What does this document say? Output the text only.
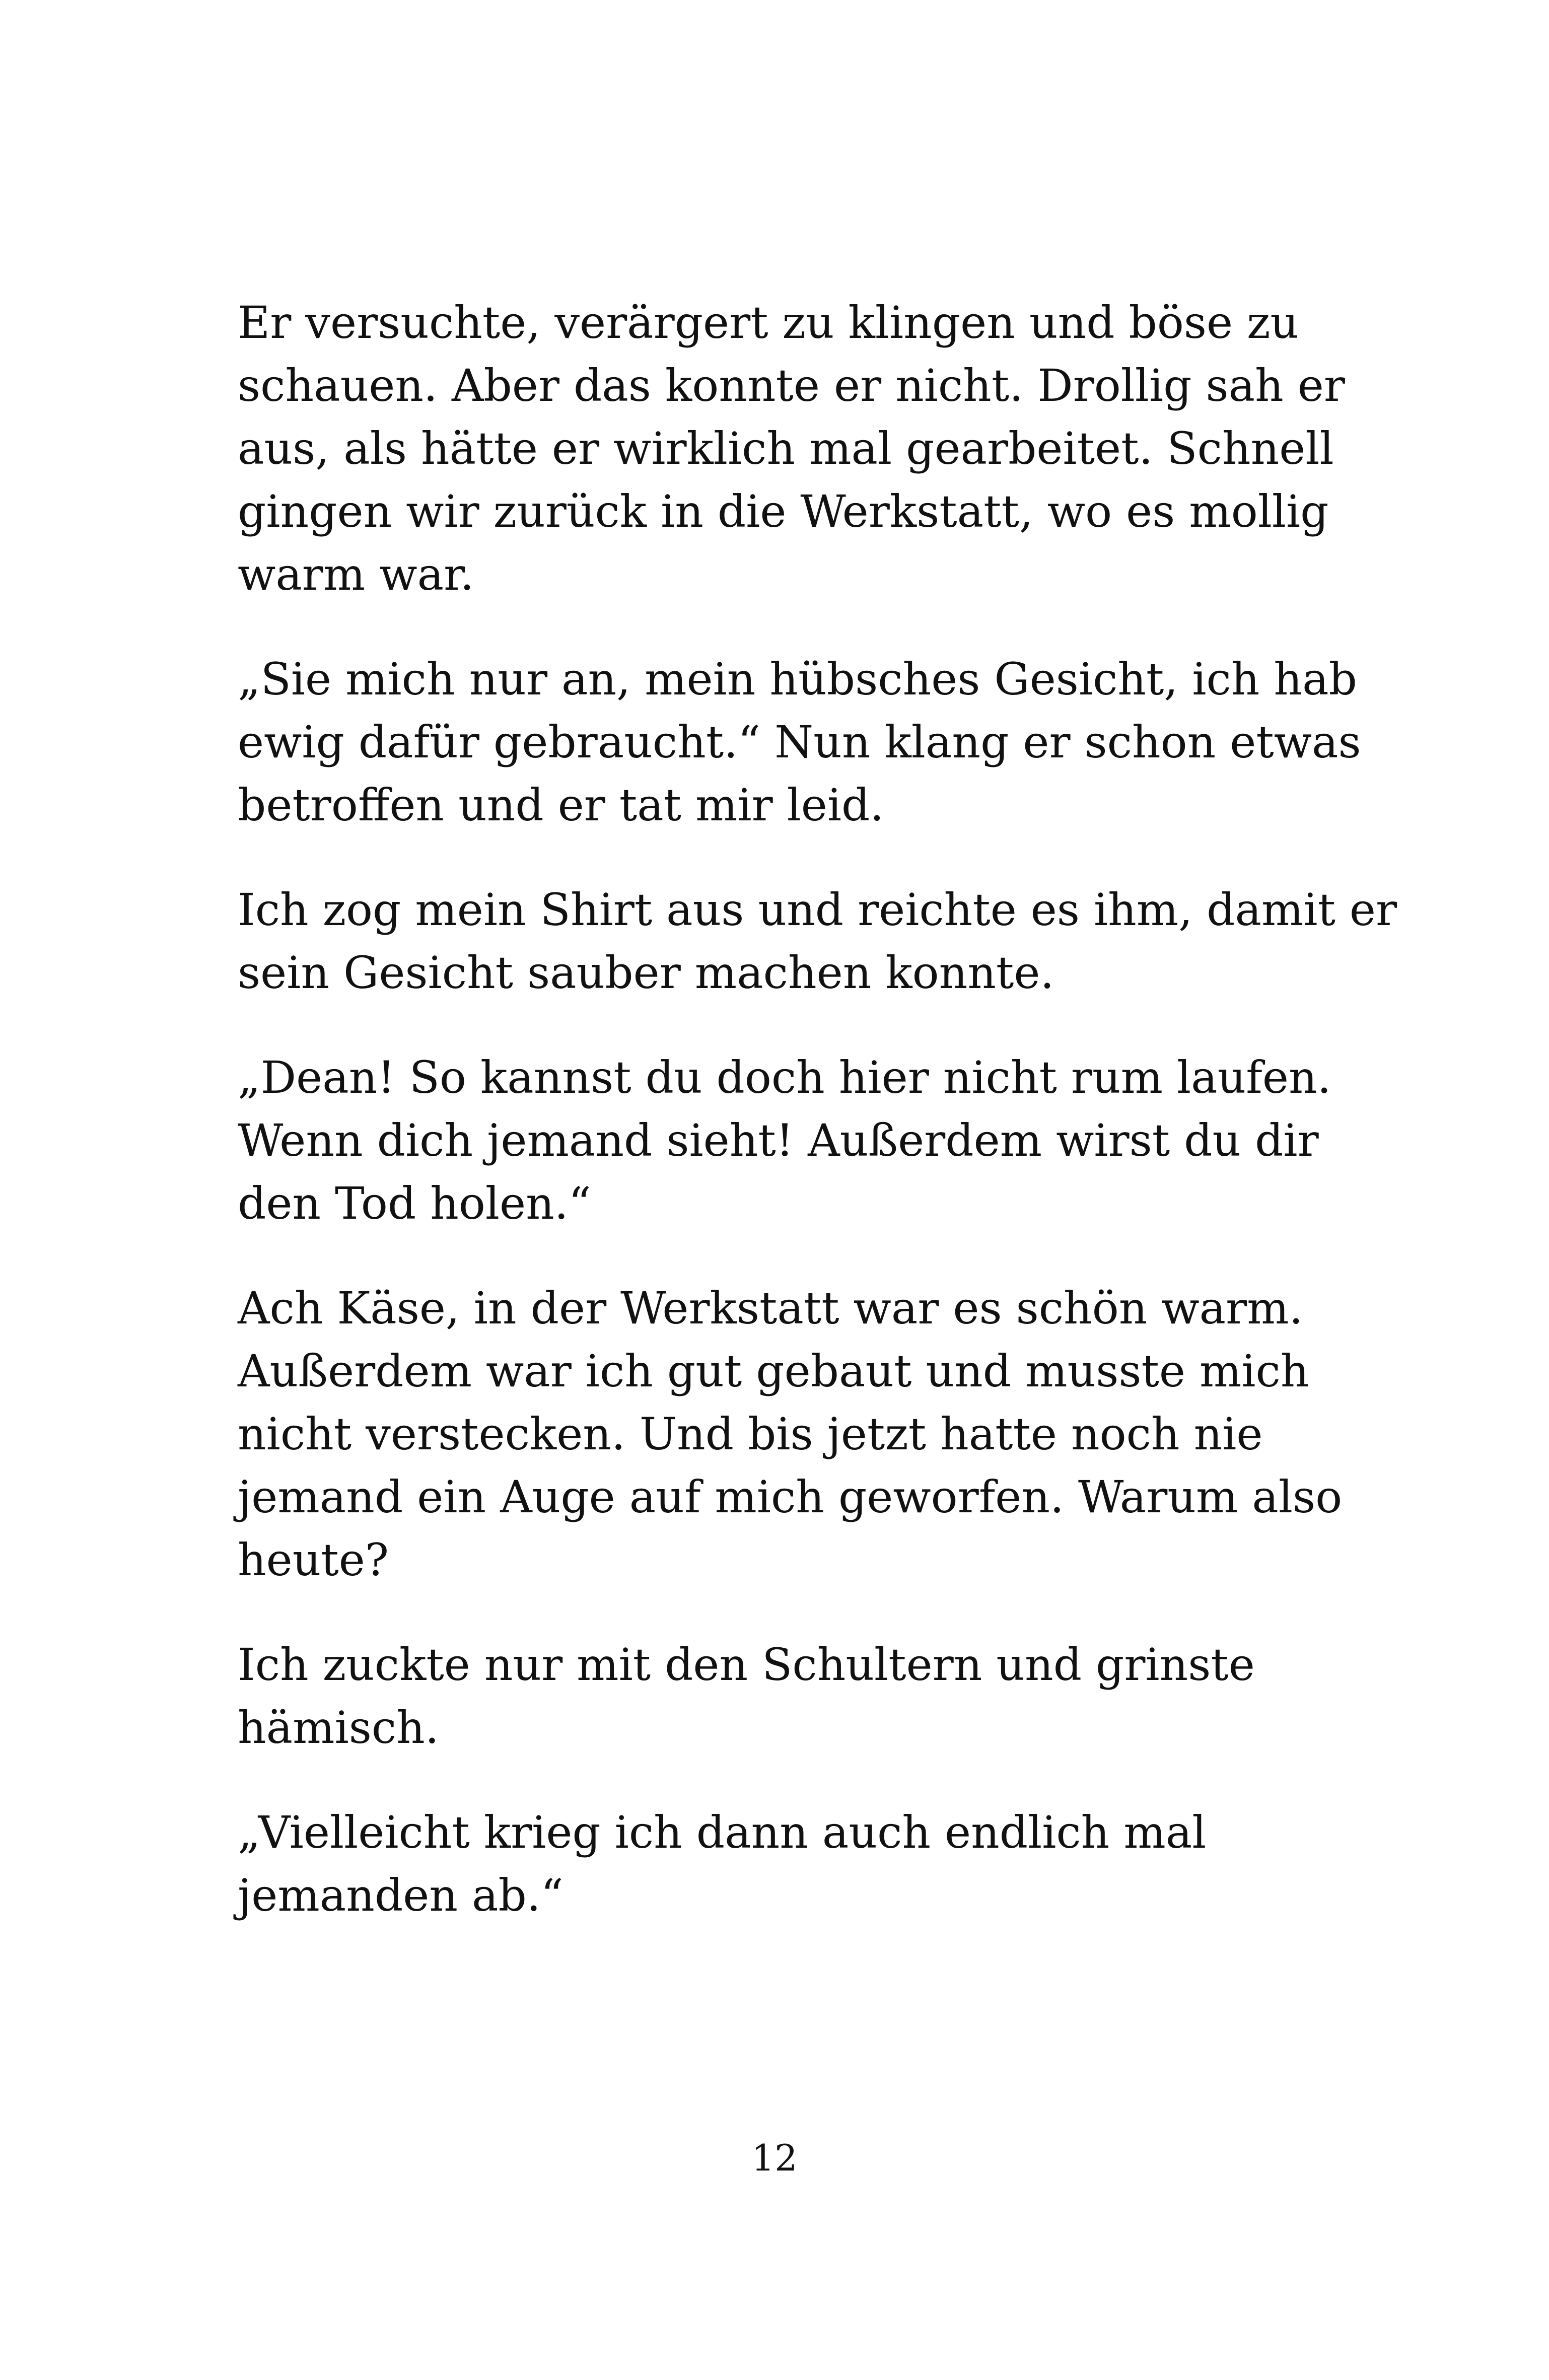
Er versuchte, verärgert zu klingen und böse zu
schauen. Aber das konnte er nicht. Drollig sah er
aus, als hätte er wirklich mal gearbeitet. Schnell
gingen wir zurück in die Werkstatt, wo es mollig
warm war.
„Sie mich nur an, mein hübsches Gesicht, ich hab
ewig dafür gebraucht.“ Nun klang er schon etwas
betroffen und er tat mir leid.
Ich zog mein Shirt aus und reichte es ihm, damit er
sein Gesicht sauber machen konnte.
„Dean! So kannst du doch hier nicht rum laufen.
Wenn dich jemand sieht! Außerdem wirst du dir
den Tod holen.“
Ach Käse, in der Werkstatt war es schön warm.
Außerdem war ich gut gebaut und musste mich
nicht verstecken. Und bis jetzt hatte noch nie
jemand ein Auge auf mich geworfen. Warum also
heute?
Ich zuckte nur mit den Schultern und grinste
hämisch.
„Vielleicht krieg ich dann auch endlich mal
jemanden ab.“
12
